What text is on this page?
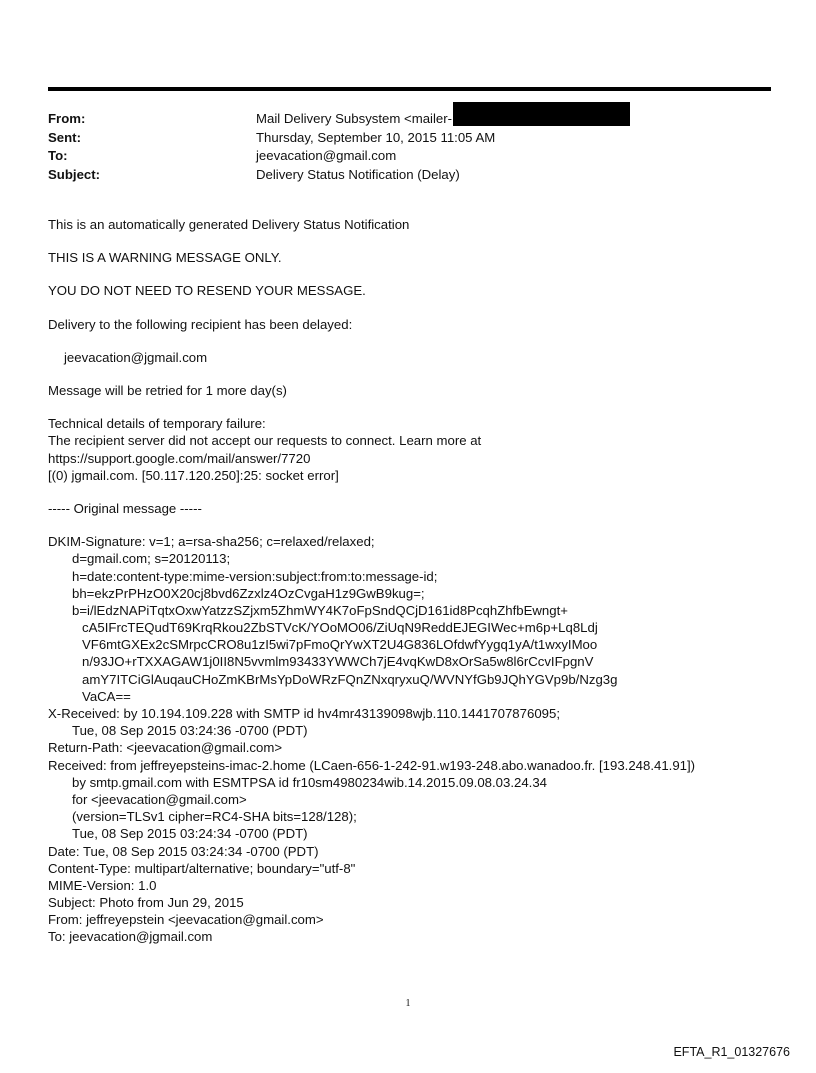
From:	Mail Delivery Subsystem <mailer-
Sent:	Thursday, September 10, 2015 11:05 AM
To:	jeevacation@gmail.com
Subject:	Delivery Status Notification (Delay)
This is an automatically generated Delivery Status Notification
THIS IS A WARNING MESSAGE ONLY.
YOU DO NOT NEED TO RESEND YOUR MESSAGE.
Delivery to the following recipient has been delayed:
jeevacation@jgmail.com
Message will be retried for 1 more day(s)
Technical details of temporary failure:
The recipient server did not accept our requests to connect. Learn more at
https://support.google.com/mail/answer/7720
[(0) jgmail.com. [50.117.120.250]:25: socket error]
----- Original message -----
DKIM-Signature: v=1; a=rsa-sha256; c=relaxed/relaxed;
d=gmail.com; s=20120113;
h=date:content-type:mime-version:subject:from:to:message-id;
bh=ekzPrPHzO0X20cj8bvd6Zzxlz4OzCvgaH1z9GwB9kug=;
b=i/lEdzNAPiTqtxOxwYatzzSZjxm5ZhmWY4K7oFpSndQCjD161id8PcqhZhfbEwngt+
cA5IFrcTEQudT69KrqRkou2ZbSTVcK/YOoMO06/ZiUqN9ReddEJEGIWec+m6p+Lq8Ldj
VF6mtGXEx2cSMrpcCRO8u1zI5wi7pFmoQrYwXT2U4G836LOfdwfYygq1yA/t1wxyIMoo
n/93JO+rTXXAGAW1j0II8N5vvmlm93433YWWCh7jE4vqKwD8xOrSa5w8l6rCcvIFpgnV
amY7ITCiGlAuqauCHoZmKBrMsYpDoWRzFQnZNxqryxuQ/WVNYfGb9JQhYGVp9b/Nzg3g
VaCA==
X-Received: by 10.194.109.228 with SMTP id hv4mr43139098wjb.110.1441707876095;
Tue, 08 Sep 2015 03:24:36 -0700 (PDT)
Return-Path: <jeevacation@gmail.com>
Received: from jeffreyepsteins-imac-2.home (LCaen-656-1-242-91.w193-248.abo.wanadoo.fr. [193.248.41.91])
by smtp.gmail.com with ESMTPSA id fr10sm4980234wib.14.2015.09.08.03.24.34
for <jeevacation@gmail.com>
(version=TLSv1 cipher=RC4-SHA bits=128/128);
Tue, 08 Sep 2015 03:24:34 -0700 (PDT)
Date: Tue, 08 Sep 2015 03:24:34 -0700 (PDT)
Content-Type: multipart/alternative; boundary="utf-8"
MIME-Version: 1.0
Subject: Photo from Jun 29, 2015
From: jeffreyepstein <jeevacation@gmail.com>
To: jeevacation@jgmail.com
1
EFTA_R1_01327676
